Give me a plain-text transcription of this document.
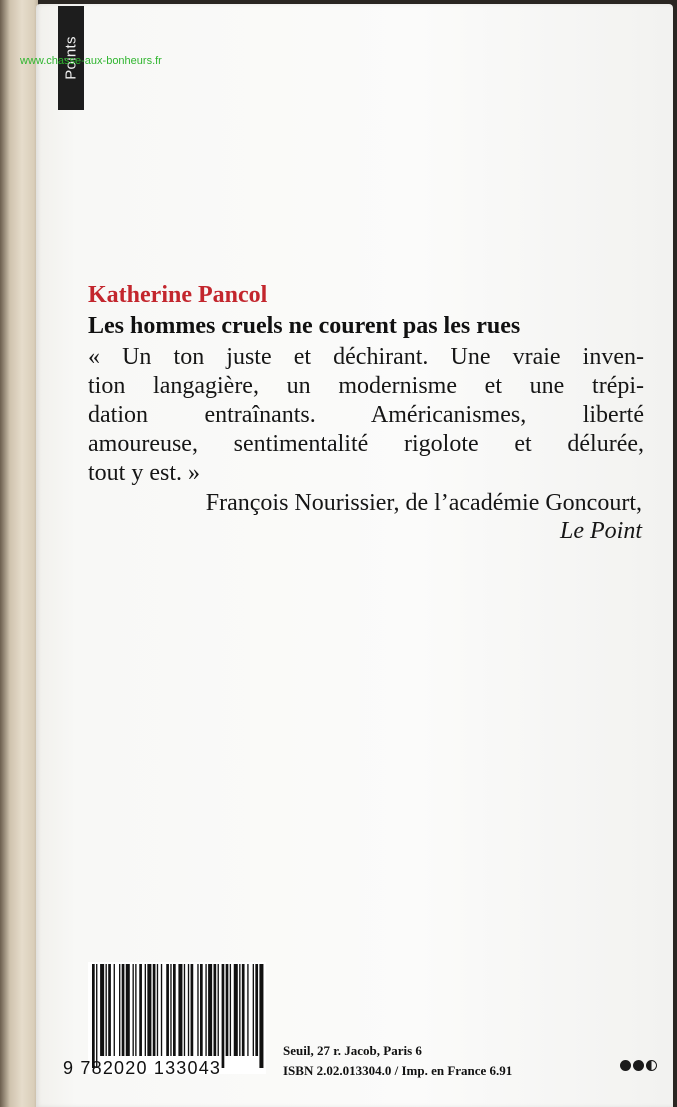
Points
www.chasse-aux-bonheurs.fr
Katherine Pancol
Les hommes cruels ne courent pas les rues
« Un ton juste et déchirant. Une vraie inven-
tion langagière, un modernisme et une trépi-
dation entraînants. Américanismes, liberté
amoureuse, sentimentalité rigolote et délurée,
tout y est. »
François Nourissier, de l’académie Goncourt,
Le Point
9 782020 133043
Seuil, 27 r. Jacob, Paris 6
ISBN 2.02.013304.0 / Imp. en France 6.91
